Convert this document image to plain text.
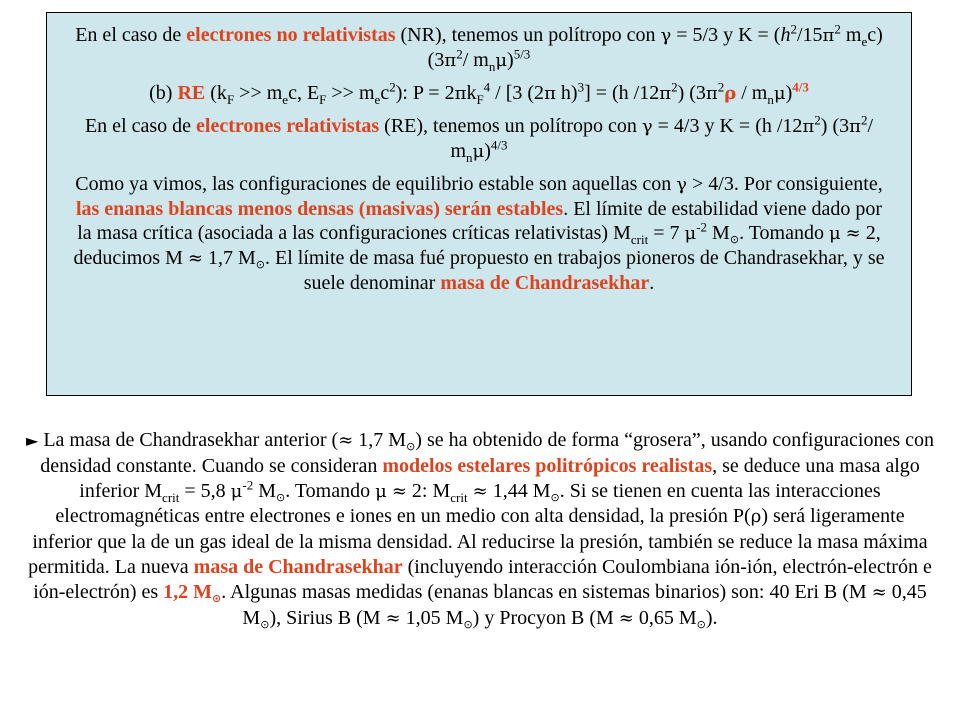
En el caso de electrones no relativistas (NR), tenemos un polítropo con γ = 5/3 y $K = (h^2/15\pi^2$ $m_ec$) ($3\pi^2/$ $m_n\mu)^{5/3}$

(b) RE ($k_F >> m_ec$, $E_F >> m_ec^2$): $P = 2\pi k_F^4 / [3$ (2π h)$^3$] = (h $/12\pi^2$) $(3\pi^2\rho / m_n\mu)^{4/3}$

En el caso de electrones relativistas (RE), tenemos un polítropo con γ = 4/3 y K = (h $/12\pi^2$) ($3\pi^2/$ $m_n\mu)^{4/3}$

Como ya vimos, las configuraciones de equilibrio estable son aquellas con γ > 4/3. Por consiguiente, las enanas blancas menos densas (masivas) serán estables. El límite de estabilidad viene dado por la masa crítica (asociada a las configuraciones críticas relativistas) $M_{crit} = 7$ $\mu^{-2}$ $M_⊙$. Tomando μ ≈ 2, deducimos M ≈ 1,7 $M_⊙$. El límite de masa fué propuesto en trabajos pioneros de Chandrasekhar, y se suele denominar masa de Chandrasekhar.

► La masa de Chandrasekhar anterior (≈ 1,7 $M_⊙$) se ha obtenido de forma “grosera”, usando configuraciones con densidad constante. Cuando se consideran modelos estelares politrópicos realistas, se deduce una masa algo inferior $M_{crit} = 5,8$ $\mu^{-2}$ $M_⊙$. Tomando μ ≈ 2: $M_{crit} \approx 1,44$ $M_⊙$. Si se tienen en cuenta las interacciones electromagnéticas entre electrones e iones en un medio con alta densidad, la presión P(ρ) será ligeramente inferior que la de un gas ideal de la misma densidad. Al reducirse la presión, también se reduce la masa máxima permitida. La nueva masa de Chandrasekhar (incluyendo interacción Coulombiana ión-ión, electrón-electrón e ión-electrón) es 1,2 $M_⊙$. Algunas masas medidas (enanas blancas en sistemas binarios) son: 40 Eri B (M ≈ 0,45 $M_⊙$), Sirius B (M ≈ 1,05 $M_⊙$) y Procyon B (M ≈ 0,65 $M_⊙$).
